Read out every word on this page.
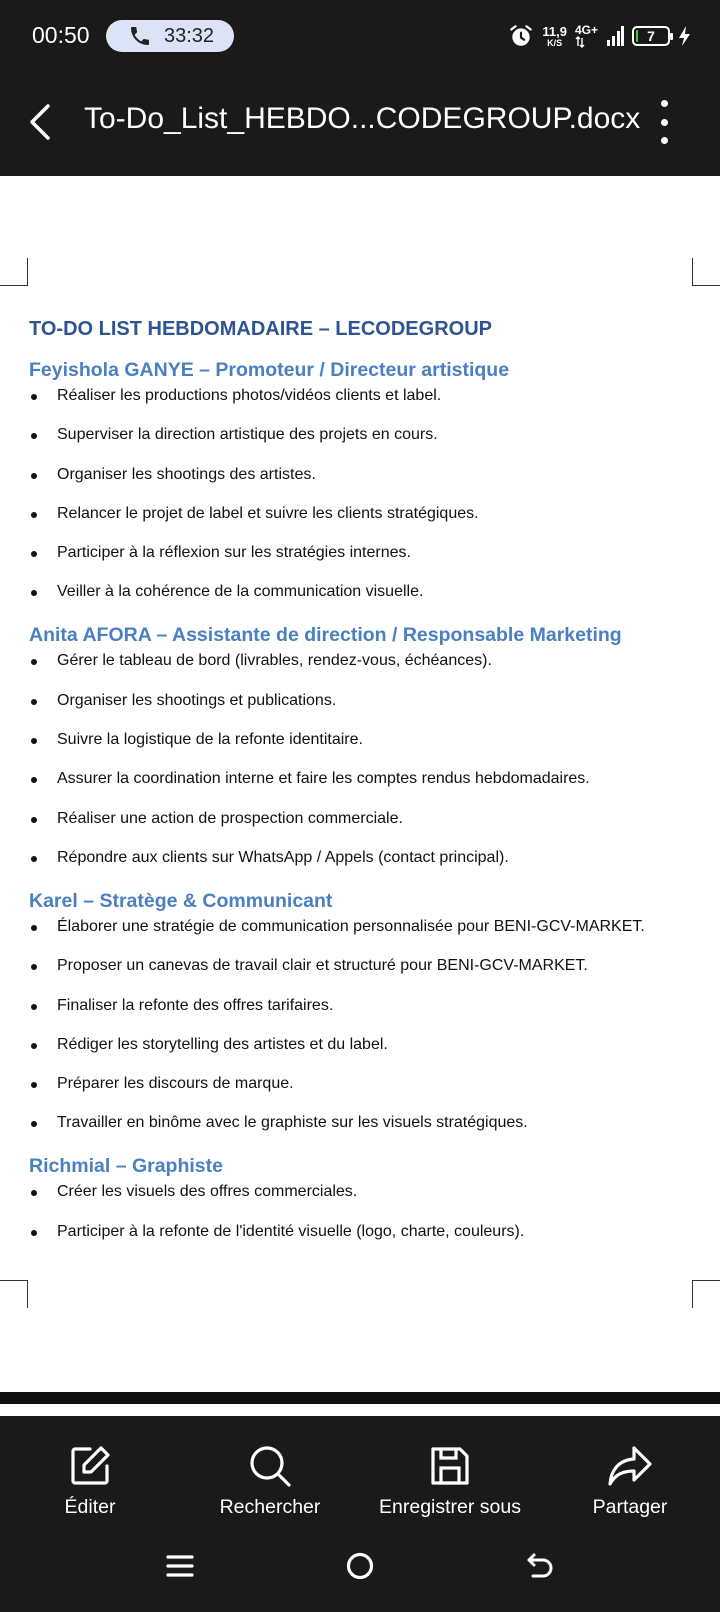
00:50	33:32	11,9
K/S
4G+	7
To-Do_List_HEBDO...CODEGROUP.docx
TO-DO LIST HEBDOMADAIRE – LECODEGROUP
Feyishola GANYE – Promoteur / Directeur artistique
Réaliser les productions photos/vidéos clients et label.
Superviser la direction artistique des projets en cours.
Organiser les shootings des artistes.
Relancer le projet de label et suivre les clients stratégiques.
Participer à la réflexion sur les stratégies internes.
Veiller à la cohérence de la communication visuelle.
Anita AFORA – Assistante de direction / Responsable Marketing
Gérer le tableau de bord (livrables, rendez-vous, échéances).
Organiser les shootings et publications.
Suivre la logistique de la refonte identitaire.
Assurer la coordination interne et faire les comptes rendus hebdomadaires.
Réaliser une action de prospection commerciale.
Répondre aux clients sur WhatsApp / Appels (contact principal).
Karel – Stratège & Communicant
Élaborer une stratégie de communication personnalisée pour BENI-GCV-MARKET.
Proposer un canevas de travail clair et structuré pour BENI-GCV-MARKET.
Finaliser la refonte des offres tarifaires.
Rédiger les storytelling des artistes et du label.
Préparer les discours de marque.
Travailler en binôme avec le graphiste sur les visuels stratégiques.
Richmial – Graphiste
Créer les visuels des offres commerciales.
Participer à la refonte de l'identité visuelle (logo, charte, couleurs).
Éditer	Rechercher	Enregistrer sous	Partager
